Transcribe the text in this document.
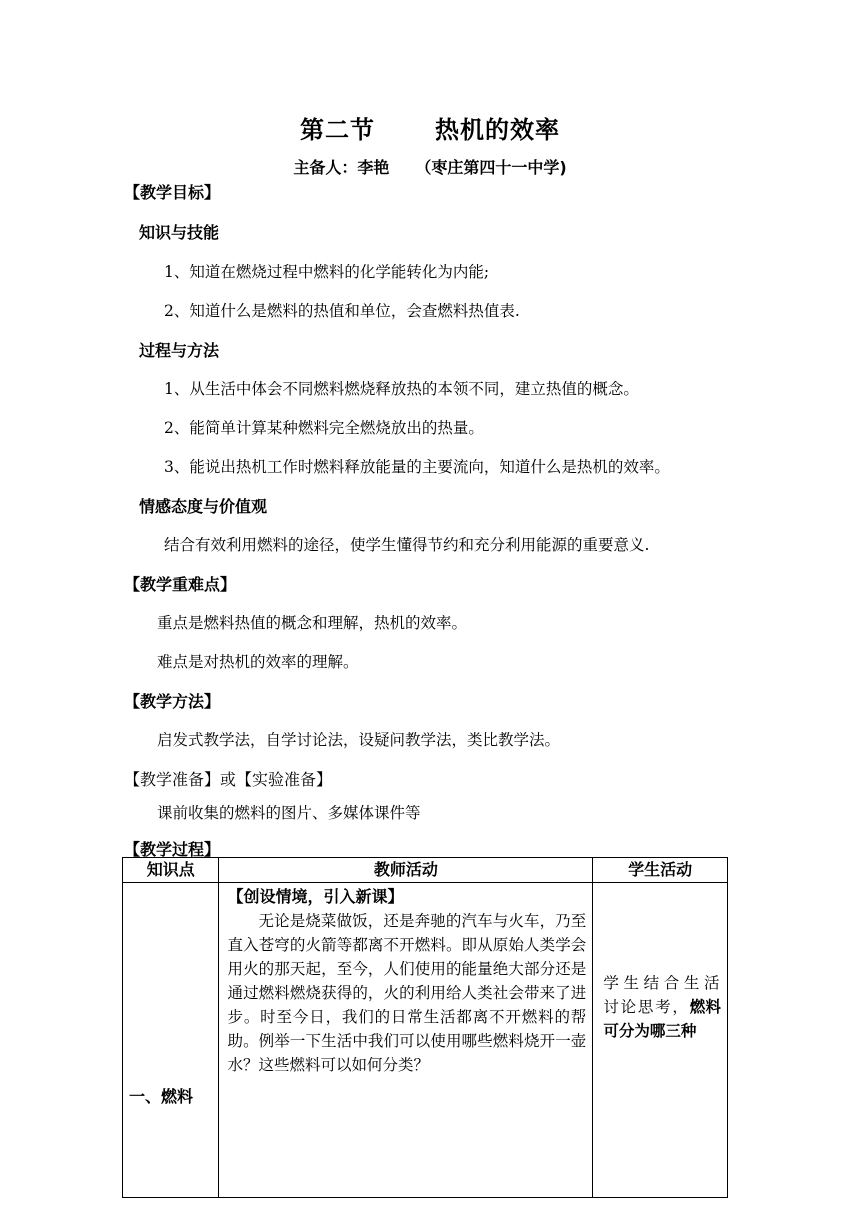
第二节	热机的效率
主备人：李艳 （枣庄第四十一中学)
【教学目标】
知识与技能
1、知道在燃烧过程中燃料的化学能转化为内能;
2、知道什么是燃料的热值和单位，会查燃料热值表.
过程与方法
1、从生活中体会不同燃料燃烧释放热的本领不同，建立热值的概念。
2、能简单计算某种燃料完全燃烧放出的热量。
3、能说出热机工作时燃料释放能量的主要流向，知道什么是热机的效率。
情感态度与价值观
结合有效利用燃料的途径，使学生懂得节约和充分利用能源的重要意义.
【教学重难点】
重点是燃料热值的概念和理解，热机的效率。
难点是对热机的效率的理解。
【教学方法】
启发式教学法，自学讨论法，设疑问教学法，类比教学法。
【教学准备】或【实验准备】
课前收集的燃料的图片、多媒体课件等
【教学过程】
知识点	教师活动	学生活动

一、燃料	【创设情境，引入新课】
无论是烧菜做饭，还是奔驰的汽车与火车，乃至直入苍穹的火箭等都离不开燃料。即从原始人类学会用火的那天起，至今，人们使用的能量绝大部分还是通过燃料燃烧获得的，火的利用给人类社会带来了进步。时至今日，我们的日常生活都离不开燃料的帮助。例举一下生活中我们可以使用哪些燃料烧开一壶水？这些燃料可以如何分类？	学生结合生活讨论思考，燃料可分为哪三种
